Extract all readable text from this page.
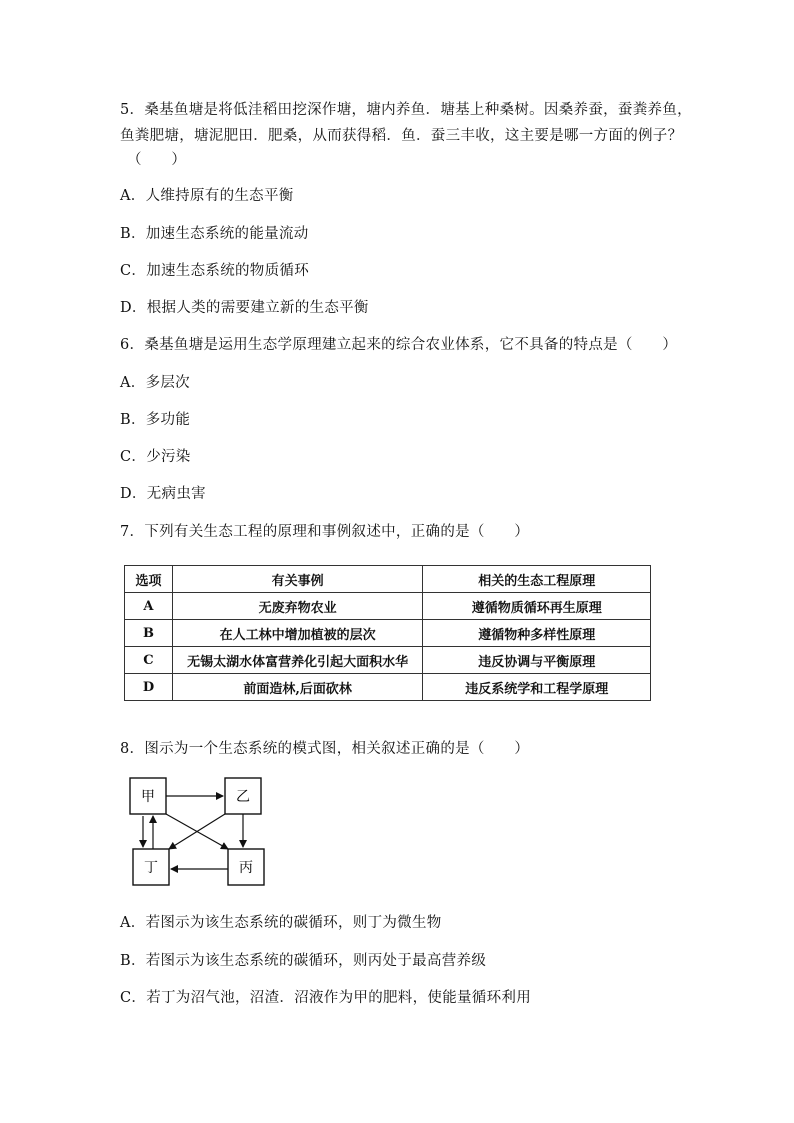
5．桑基鱼塘是将低洼稻田挖深作塘，塘内养鱼．塘基上种桑树。因桑养蚕，蚕粪养鱼，
鱼粪肥塘，塘泥肥田．肥桑，从而获得稻．鱼．蚕三丰收，这主要是哪一方面的例子？
（　　）
A．人维持原有的生态平衡
B．加速生态系统的能量流动
C．加速生态系统的物质循环
D．根据人类的需要建立新的生态平衡
6．桑基鱼塘是运用生态学原理建立起来的综合农业体系，它不具备的特点是（　　）
A．多层次
B．多功能
C．少污染
D．无病虫害
7．下列有关生态工程的原理和事例叙述中，正确的是（　　）
选项	有关事例	相关的生态工程原理
A	无废弃物农业	遵循物质循环再生原理
B	在人工林中增加植被的层次	遵循物种多样性原理
C	无锡太湖水体富营养化引起大面积水华	违反协调与平衡原理
D	前面造林,后面砍林	违反系统学和工程学原理
8．图示为一个生态系统的模式图，相关叙述正确的是（　　）
甲	乙
丁	丙
A．若图示为该生态系统的碳循环，则丁为微生物
B．若图示为该生态系统的碳循环，则丙处于最高营养级
C．若丁为沼气池，沼渣．沼液作为甲的肥料，使能量循环利用
